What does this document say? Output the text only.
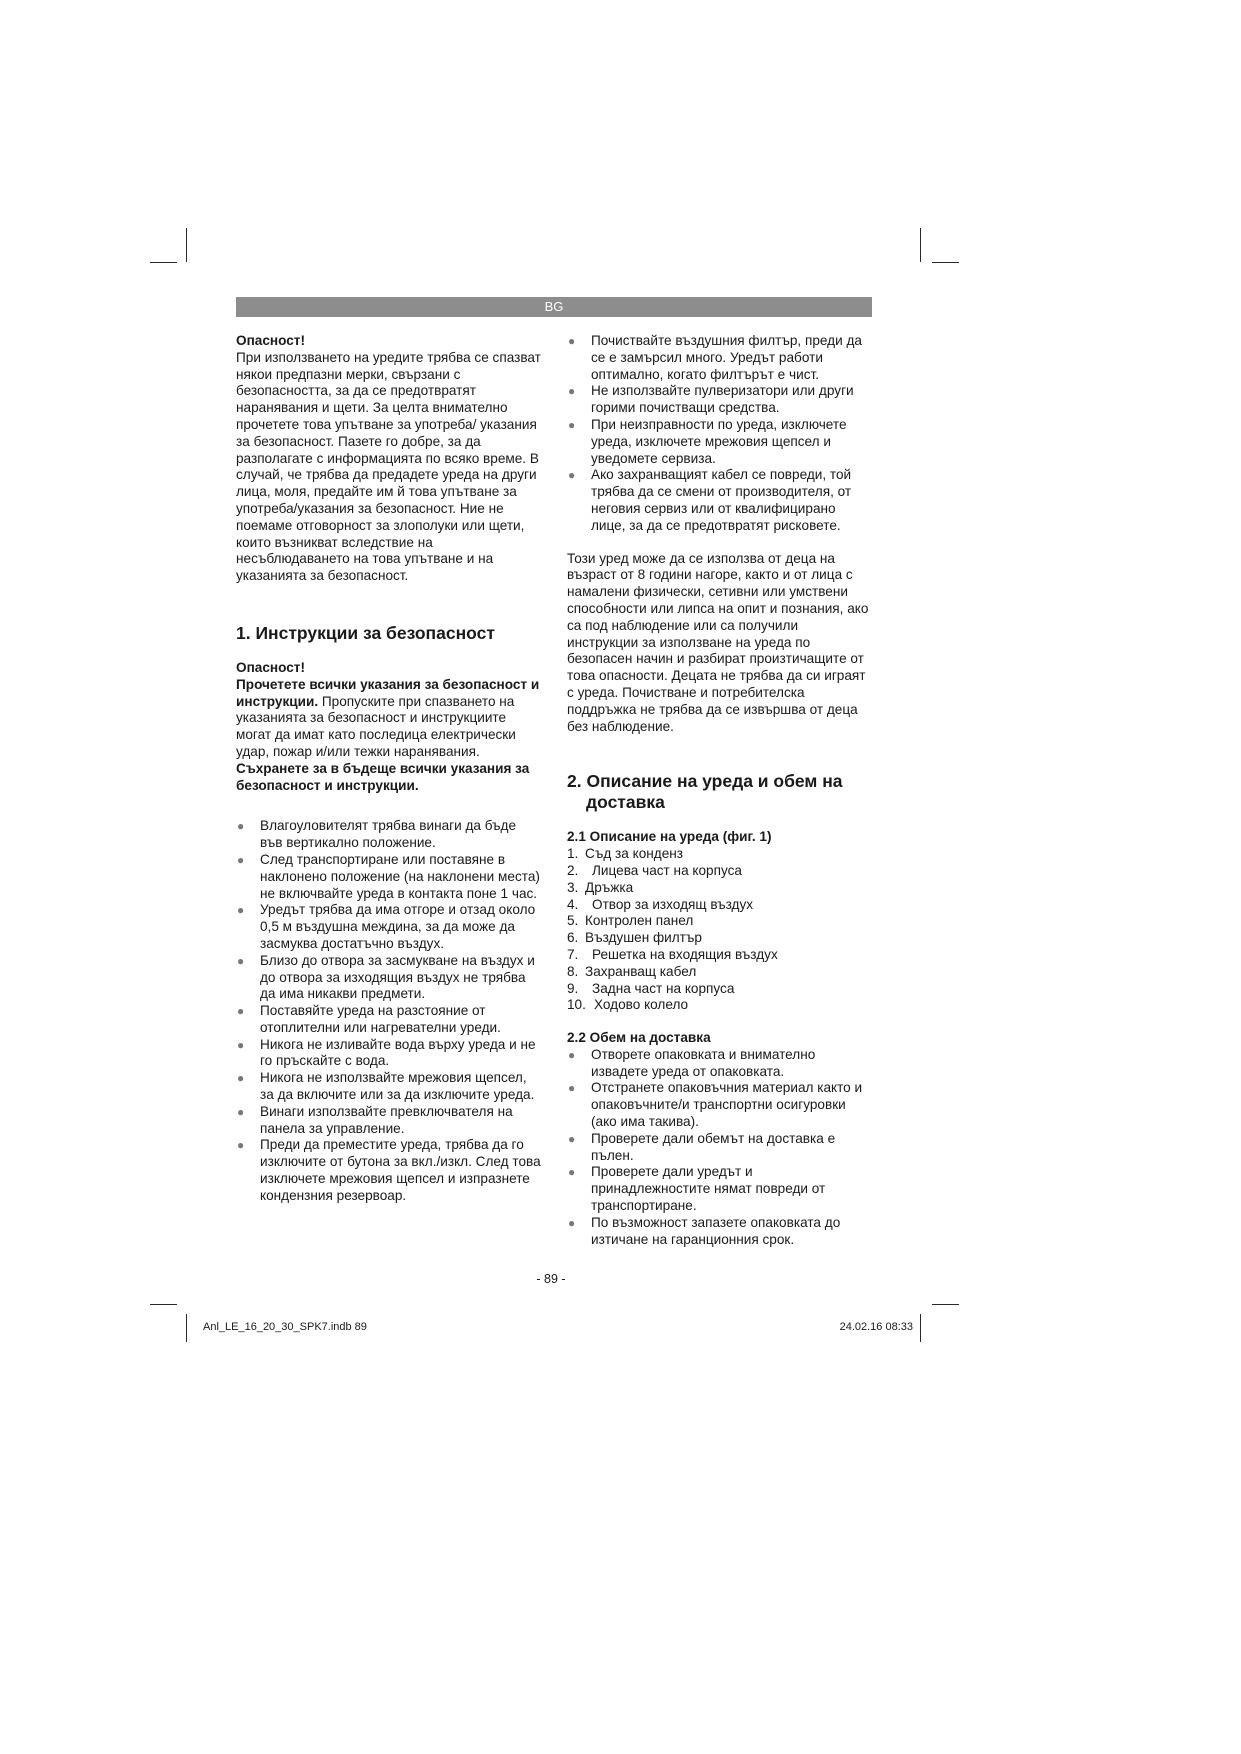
BG

Опасност!

При използването на уредите трябва се спазват някои предпазни мерки, свързани с безопасността, за да се предотвратят наранявания и щети. За целта внимателно прочетете това упътване за употреба/ указания за безопасност. Пазете го добре, за да разполагате с информацията по всяко време. В случай, че трябва да предадете уреда на други лица, моля, предайте им й това упътване за употреба/указания за безопасност. Ние не поемаме отговорност за злополуки или щети, които възникват вследствие на несъблюдаването на това упътване и на указанията за безопасност.

1. Инструкции за безопасност

Опасност!

Прочетете всички указания за безопасност и инструкции. Пропуските при спазването на указанията за безопасност и инструкциите могат да имат като последица електрически удар, пожар и/или тежки наранявания. Съхранете за в бъдеще всички указания за безопасност и инструкции.

● Влагоуловителят трябва винаги да бъде във вертикално положение.
● След транспортиране или поставяне в наклонено положение (на наклонени места) не включвайте уреда в контакта поне 1 час.
● Уредът трябва да има отгоре и отзад около 0,5 м въздушна междина, за да може да засмуква достатъчно въздух.
● Близо до отвора за засмукване на въздух и до отвора за изходящия въздух не трябва да има никакви предмети.
● Поставяйте уреда на разстояние от отоплителни или нагревателни уреди.
● Никога не изливайте вода върху уреда и не го пръскайте с вода.
● Никога не използвайте мрежовия щепсел, за да включите или за да изключите уреда.
● Винаги използвайте превключвателя на панела за управление.
● Преди да преместите уреда, трябва да го изключите от бутона за вкл./изкл. След това изключете мрежовия щепсел и изпразнете кондензния резервоар.
● Почиствайте въздушния филтър, преди да се е замърсил много. Уредът работи оптимално, когато филтърът е чист.
● Не използвайте пулверизатори или други горими почистващи средства.
● При неизправности по уреда, изключете уреда, изключете мрежовия щепсел и уведомете сервиза.
● Ако захранващият кабел се повреди, той трябва да се смени от производителя, от неговия сервиз или от квалифицирано лице, за да се предотвратят рисковете.

Този уред може да се използва от деца на възраст от 8 години нагоре, както и от лица с намалени физически, сетивни или умствени способности или липса на опит и познания, ако са под наблюдение или са получили инструкции за използване на уреда по безопасен начин и разбират произтичащите от това опасности. Децата не трябва да си играят с уреда. Почистване и потребителска поддръжка не трябва да се извършва от деца без наблюдение.

2. Описание на уреда и обем на
доставка
2.1 Описание на уреда (фиг. 1)
1. Съд за конденз
2.	Лицева част на корпуса
3. Дръжка
4.	Отвор за изходящ въздух
5. Контролен панел
6. Въздушен филтър
7.	Решетка на входящия въздух
8. Захранващ кабел
9.	Задна част на корпуса
10. Ходово колело
2.2 Обем на доставка
● Отворете опаковката и внимателно извадете уреда от опаковката.
● Отстранете опаковъчния материал както и опаковъчните/и транспортни осигуровки (ако има такива).
● Проверете дали обемът на доставка е пълен.
● Проверете дали уредът и принадлежностите нямат повреди от транспортиране.
● По възможност запазете опаковката до изтичане на гаранционния срок.
- 89 -
Anl_LE_16_20_30_SPK7.indb 89	24.02.16 08:33
